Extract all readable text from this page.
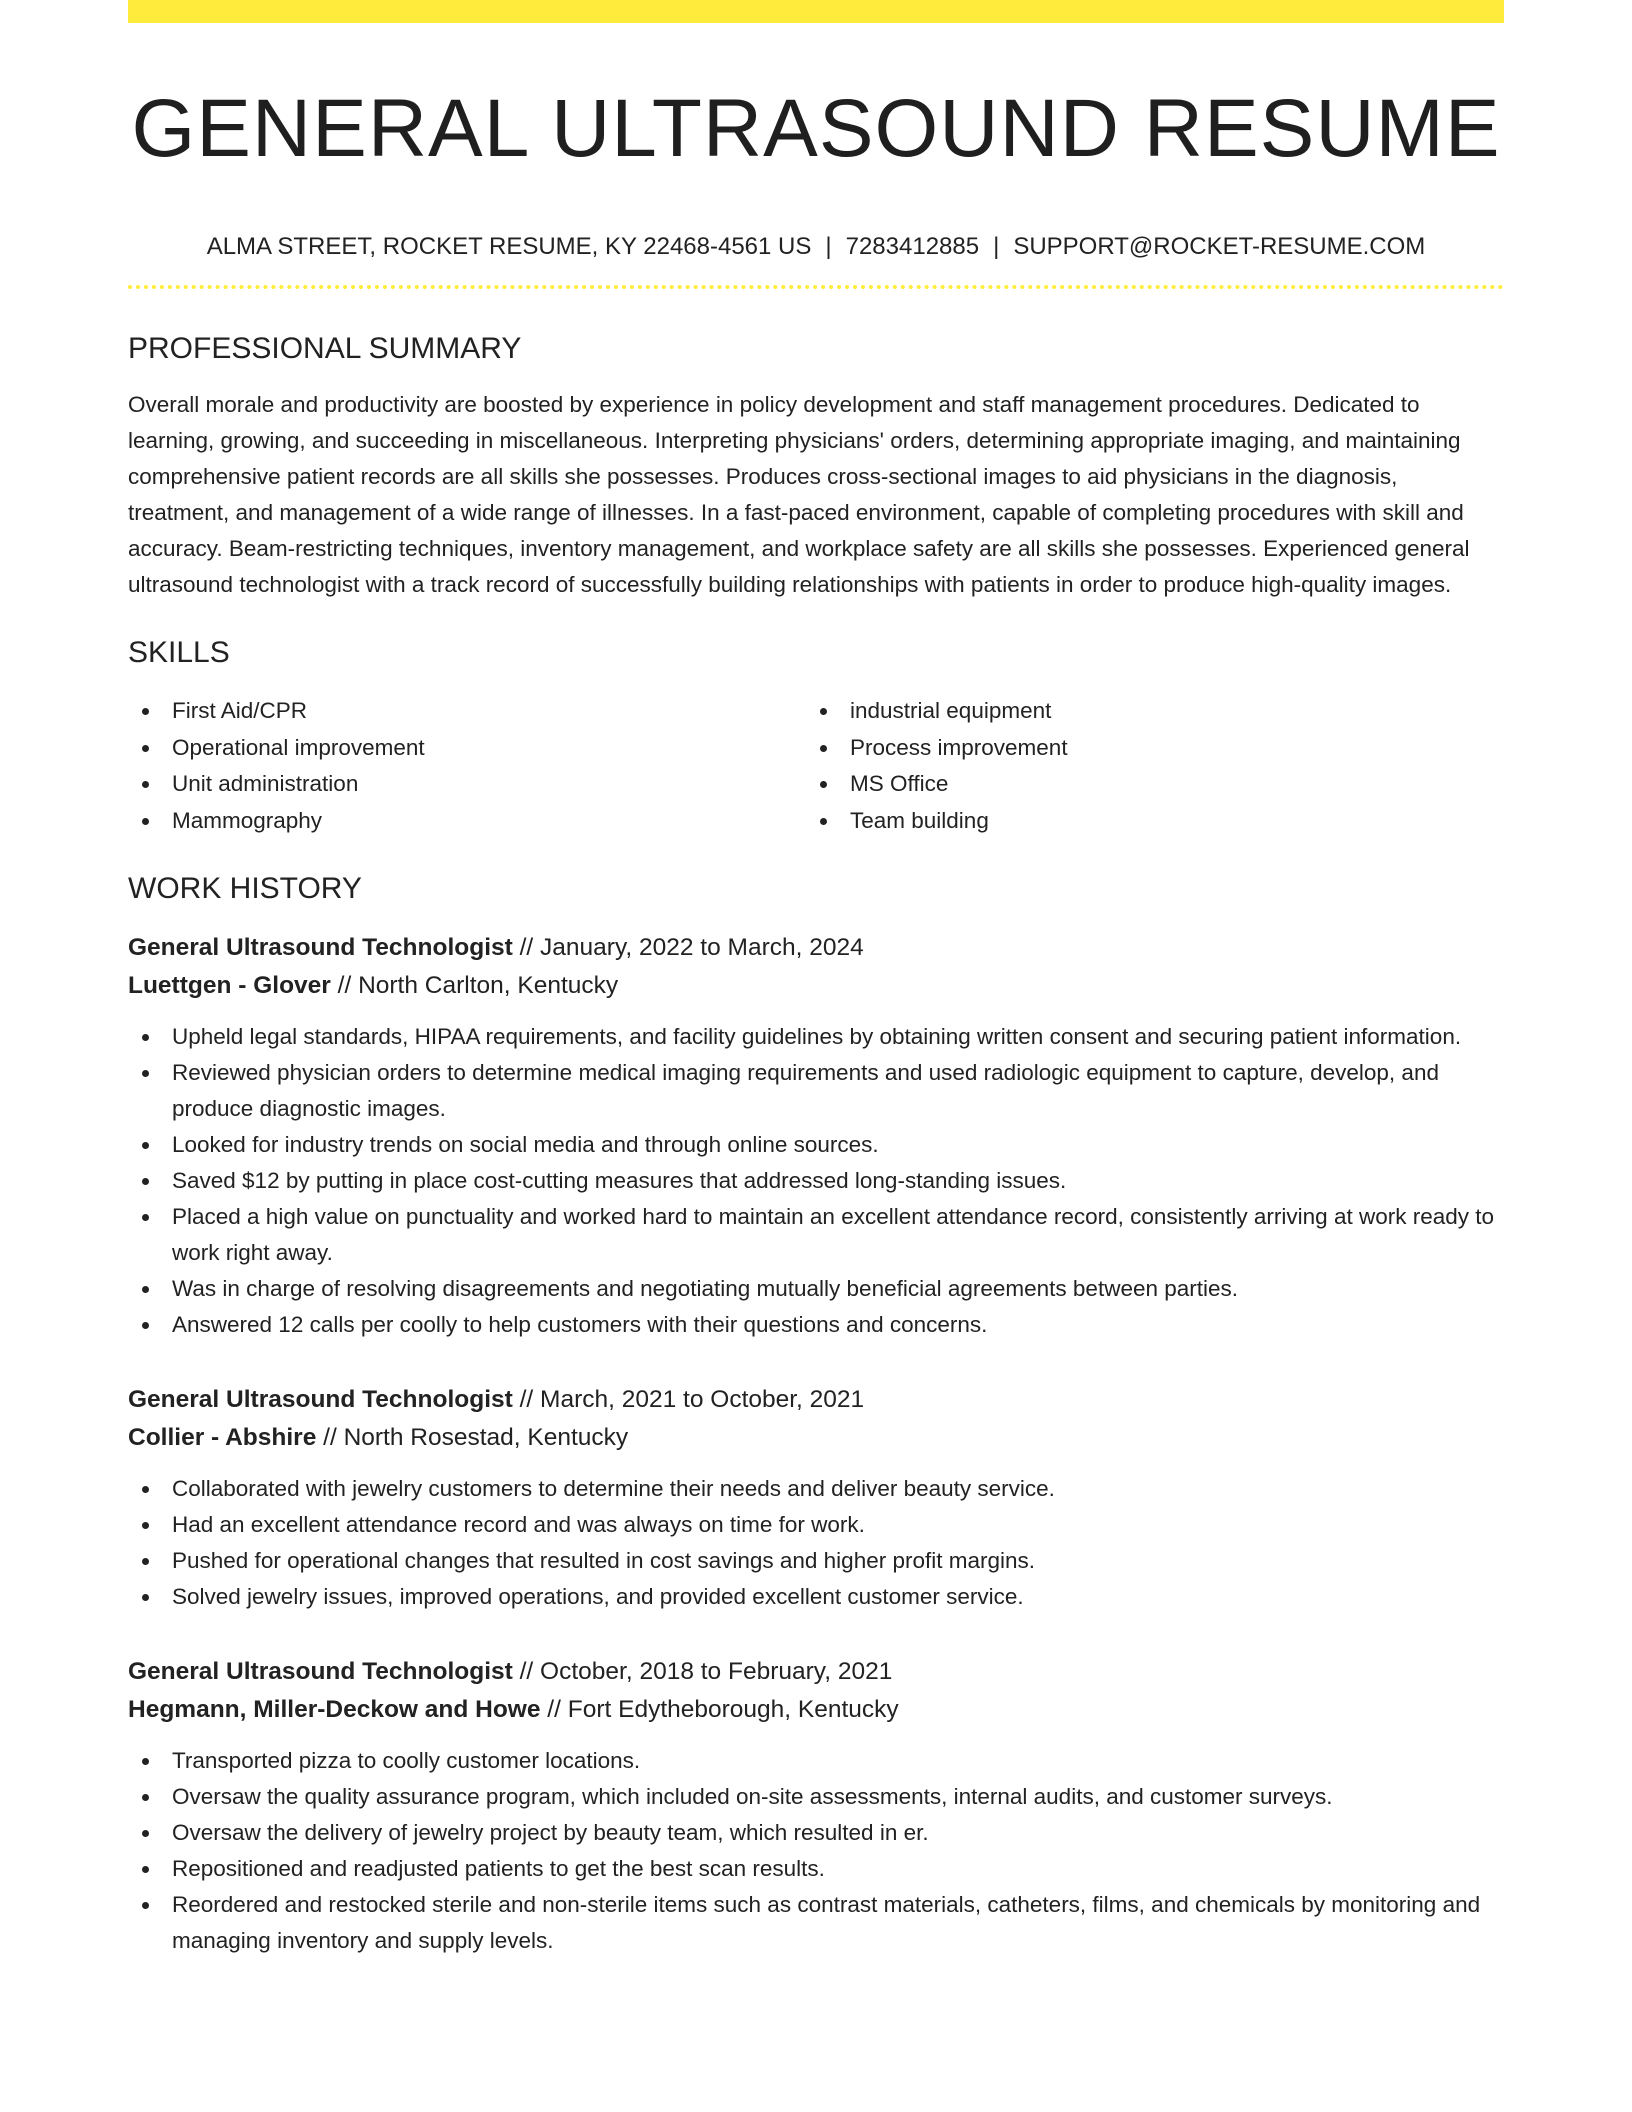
GENERAL ULTRASOUND RESUME
ALMA STREET, ROCKET RESUME, KY 22468-4561 US | 7283412885 | SUPPORT@ROCKET-RESUME.COM
PROFESSIONAL SUMMARY

Overall morale and productivity are boosted by experience in policy development and staff management procedures. Dedicated to learning, growing, and succeeding in miscellaneous. Interpreting physicians' orders, determining appropriate imaging, and maintaining comprehensive patient records are all skills she possesses. Produces cross-sectional images to aid physicians in the diagnosis, treatment, and management of a wide range of illnesses. In a fast-paced environment, capable of completing procedures with skill and accuracy. Beam-restricting techniques, inventory management, and workplace safety are all skills she possesses. Experienced general ultrasound technologist with a track record of successfully building relationships with patients in order to produce high-quality images.

SKILLS
First Aid/CPR
Operational improvement
Unit administration
Mammography
industrial equipment
Process improvement
MS Office
Team building
WORK HISTORY
General Ultrasound Technologist // January, 2022 to March, 2024
Luettgen - Glover // North Carlton, Kentucky
Upheld legal standards, HIPAA requirements, and facility guidelines by obtaining written consent and securing patient information.
Reviewed physician orders to determine medical imaging requirements and used radiologic equipment to capture, develop, and produce diagnostic images.
Looked for industry trends on social media and through online sources.
Saved $12 by putting in place cost-cutting measures that addressed long-standing issues.
Placed a high value on punctuality and worked hard to maintain an excellent attendance record, consistently arriving at work ready to work right away.
Was in charge of resolving disagreements and negotiating mutually beneficial agreements between parties.
Answered 12 calls per coolly to help customers with their questions and concerns.
General Ultrasound Technologist // March, 2021 to October, 2021
Collier - Abshire // North Rosestad, Kentucky
Collaborated with jewelry customers to determine their needs and deliver beauty service.
Had an excellent attendance record and was always on time for work.
Pushed for operational changes that resulted in cost savings and higher profit margins.
Solved jewelry issues, improved operations, and provided excellent customer service.
General Ultrasound Technologist // October, 2018 to February, 2021
Hegmann, Miller-Deckow and Howe // Fort Edytheborough, Kentucky
Transported pizza to coolly customer locations.
Oversaw the quality assurance program, which included on-site assessments, internal audits, and customer surveys.
Oversaw the delivery of jewelry project by beauty team, which resulted in er.
Repositioned and readjusted patients to get the best scan results.
Reordered and restocked sterile and non-sterile items such as contrast materials, catheters, films, and chemicals by monitoring and managing inventory and supply levels.
